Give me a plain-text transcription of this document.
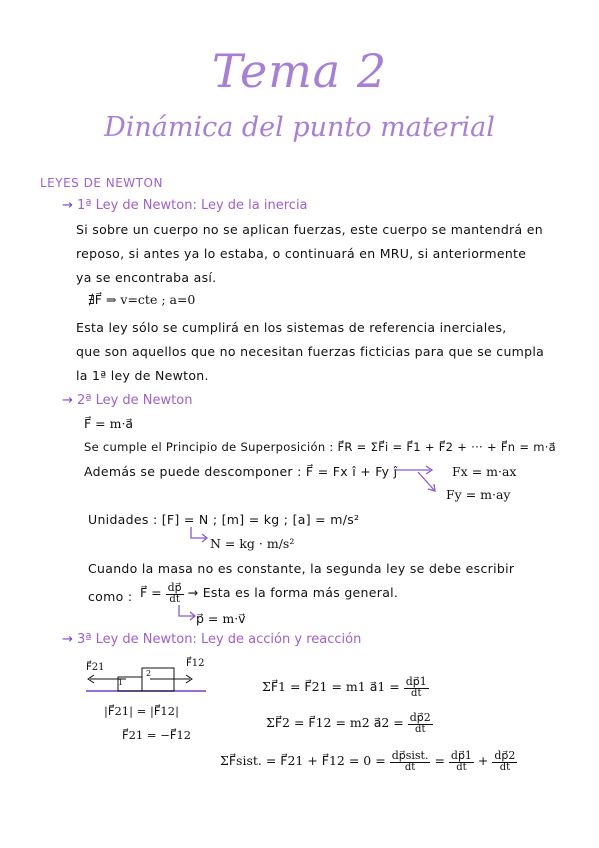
Tema 2
Dinámica del punto material
LEYES DE NEWTON
→ 1ª Ley de Newton: Ley de la inercia
Si sobre un cuerpo no se aplican fuerzas, este cuerpo se mantendrá en
reposo, si antes ya lo estaba, o continuará en MRU, si anteriormente
ya se encontraba así.
∄F⃗ ⇒ v=cte ; a=0
Esta ley sólo se cumplirá en los sistemas de referencia inerciales,
que son aquellos que no necesitan fuerzas ficticias para que se cumpla
la 1ª ley de Newton.
→ 2ª Ley de Newton
F⃗ = m·a⃗
Se cumple el Principio de Superposición : F⃗R = ΣF⃗i = F⃗1 + F⃗2 + ··· + F⃗n = m·a⃗
Además se puede descomponer : F⃗ = Fx î + Fy ĵ	Fx = m·ax
Fy = m·ay
Unidades : [F] = N ; [m] = kg ; [a] = m/s²
N = kg · m/s²
Cuando la masa no es constante, la segunda ley se debe escribir
como : F⃗ = $\frac{dp⃗}{dt}$ → Esta es la forma más general.
p⃗ = m·v⃗
→ 3ª Ley de Newton: Ley de acción y reacción
F⃗21	F⃗12
1
2
|F⃗21| = |F⃗12|
F⃗21 = −F⃗12
ΣF⃗1 = F⃗21 = m1 a⃗1 = $\frac{dp⃗1}{dt}$
ΣF⃗2 = F⃗12 = m2 a⃗2 = $\frac{dp⃗2}{dt}$
ΣF⃗sist. = F⃗21 + F⃗12 = $0 = \frac{\text{dp⃗sist.}}{dt} = \frac{dp⃗1}{dt} + \frac{dp⃗2}{dt}$
